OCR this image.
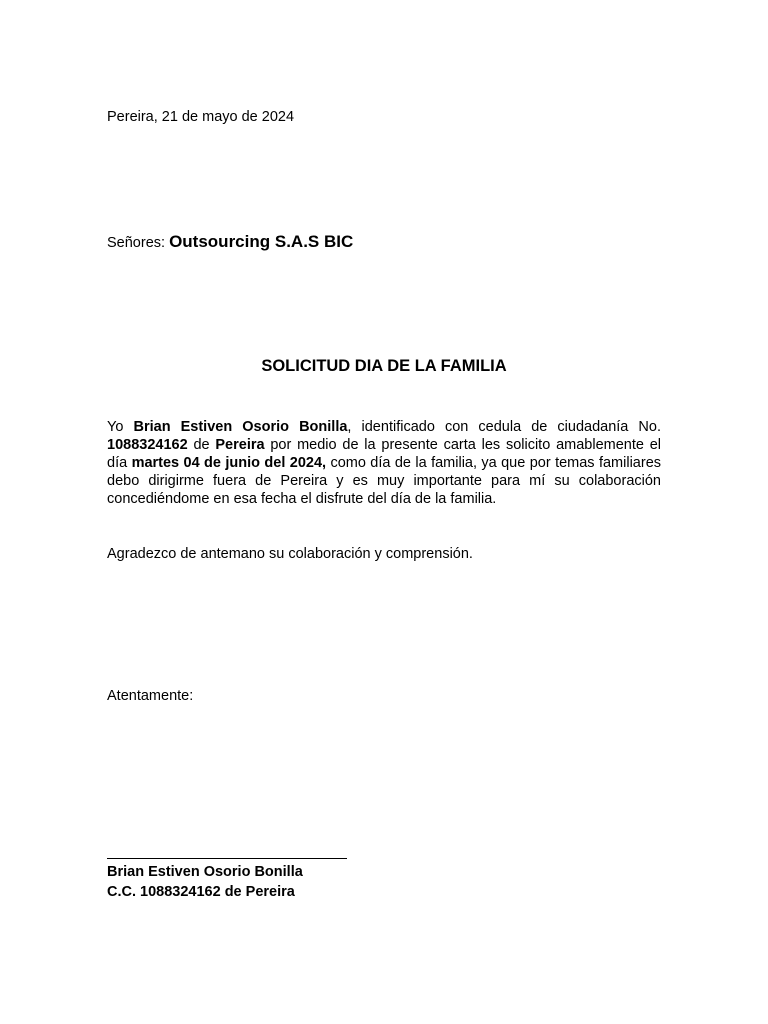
Pereira, 21 de mayo de 2024
Señores: Outsourcing S.A.S BIC
SOLICITUD DIA DE LA FAMILIA
Yo Brian Estiven Osorio Bonilla, identificado con cedula de ciudadanía No. 1088324162 de Pereira por medio de la presente carta les solicito amablemente el día martes 04 de junio del 2024, como día de la familia, ya que por temas familiares debo dirigirme fuera de Pereira y es muy importante para mí su colaboración concediéndome en esa fecha el disfrute del día de la familia.
Agradezco de antemano su colaboración y comprensión.
Atentamente:
Brian Estiven Osorio Bonilla
C.C. 1088324162 de Pereira
